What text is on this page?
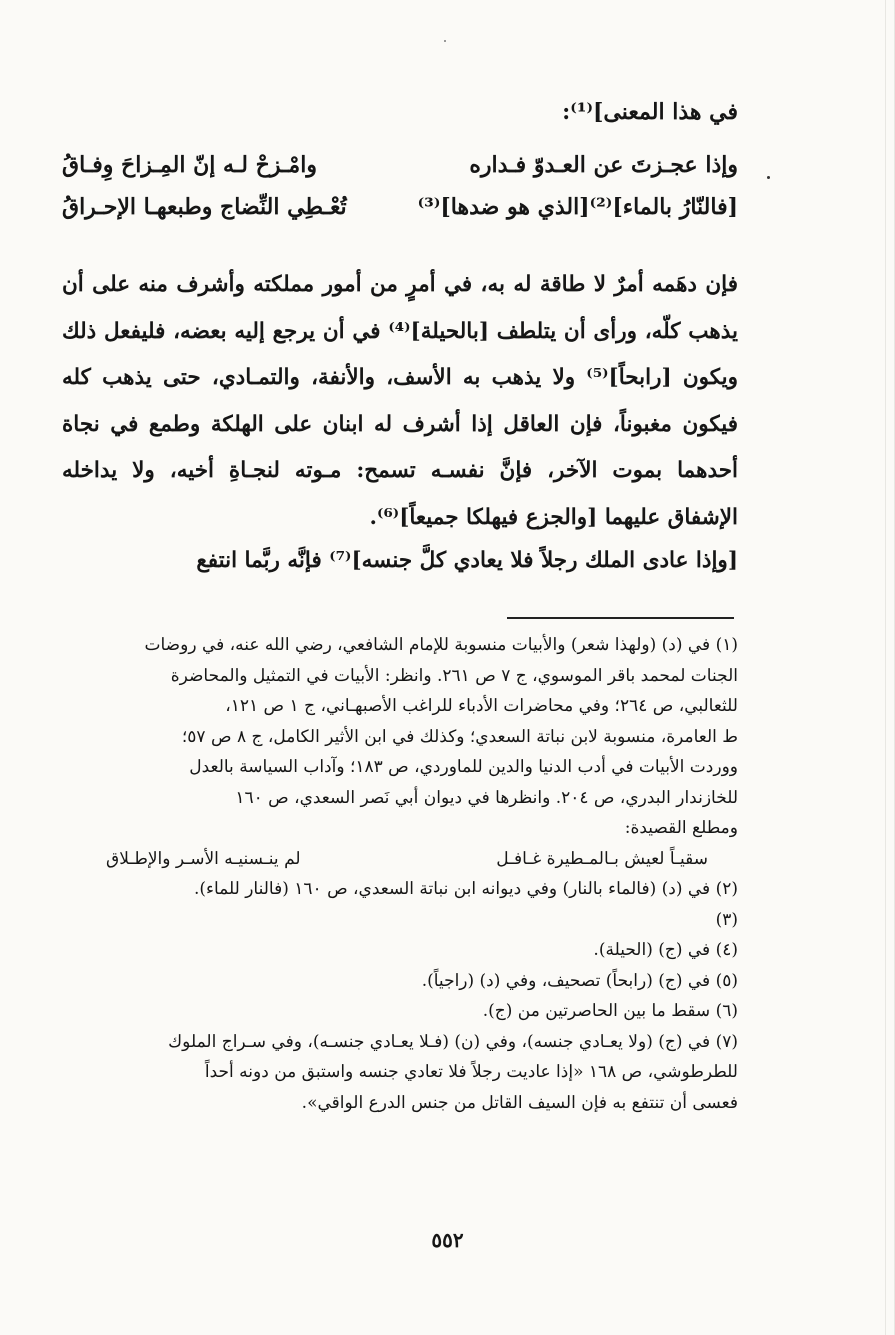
في هذا المعنى]⁽¹⁾:
وإذا عجـزتَ عن العـدوّ فـداره
وامْـزحْ لـه إنّ المِـزاحَ وِفـاقُ
[فالنّارُ بالماء]⁽²⁾[الذي هو ضدها]⁽³⁾
تُعْـطِي النِّضاج وطبعهـا الإحـراقُ

فإن دهَمه أمرٌ لا طاقة له به، في أمرٍ من أمور مملكته وأشرف منه على أن يذهب كلّه، ورأى أن يتلطف [بالحيلة]⁽⁴⁾ في أن يرجع إليه بعضه، فليفعل ذلك ويكون [رابحاً]⁽⁵⁾ ولا يذهب به الأسف، والأنفة، والتمـادي، حتى يذهب كله فيكون مغبوناً، فإن العاقل إذا أشرف له ابنان على الهلكة وطمع في نجاة أحدهما بموت الآخر، فإنَّ نفسـه تسمح: مـوته لنجـاةِ أخيه، ولا يداخله الإشفاق عليهما [والجزع فيهلكا جميعاً]⁽⁶⁾.

[وإذا عادى الملك رجلاً فلا يعادي كلَّ جنسه]⁽⁷⁾ فإنَّه ربَّما انتفع
(١) في (د) (ولهذا شعر) والأبيات منسوبة للإمام الشافعي، رضي الله عنه، في روضات
الجنات لمحمد باقر الموسوي، ج ٧ ص ٢٦١. وانظر: الأبيات في التمثيل والمحاضرة
للثعالبي، ص ٢٦٤؛ وفي محاضرات الأدباء للراغب الأصبهـاني، ج ١ ص ١٢١،
ط العامرة، منسوبة لابن نباتة السعدي؛ وكذلك في ابن الأثير الكامل، ج ٨ ص ٥٧؛
ووردت الأبيات في أدب الدنيا والدين للماوردي، ص ١٨٣؛ وآداب السياسة بالعدل
للخازندار البدري، ص ٢٠٤. وانظرها في ديوان أبي نَصر السعدي، ص ١٦٠
ومطلع القصيدة:
سقيـاً لعيش بـالمـطيرة غـافـل
لم ينـسنيـه الأسـر والإطـلاق
(٢) في (د) (فالماء بالنار) وفي ديوانه ابن نباتة السعدي، ص ١٦٠ (فالنار للماء).
(٣)
(٤) في (ج) (الحيلة).
(٥) في (ج) (رابحاً) تصحيف، وفي (د) (راجياً).
(٦) سقط ما بين الحاصرتين من (ج).
(٧) في (ج) (ولا يعـادي جنسه)، وفي (ن) (فـلا يعـادي جنسـه)، وفي سـراج الملوك
للطرطوشي، ص ١٦٨ «إذا عاديت رجلاً فلا تعادي جنسه واستبق من دونه أحداً
فعسى أن تنتفع به فإن السيف القاتل من جنس الدرع الواقي».
٥٥٢
